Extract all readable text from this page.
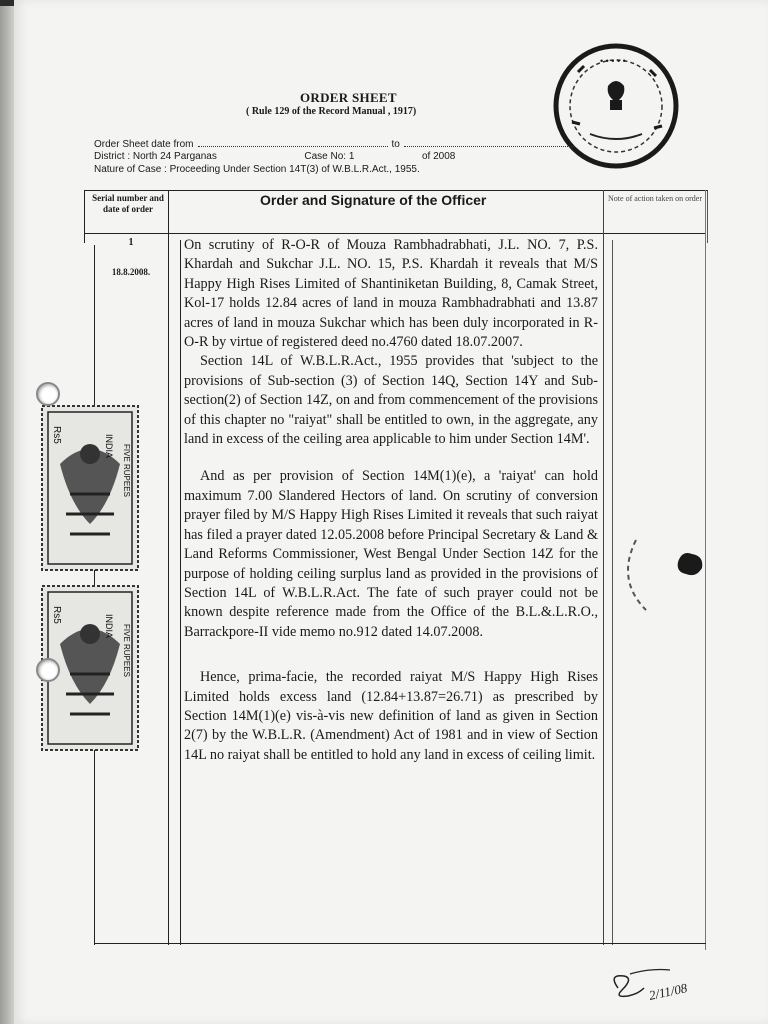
• • • • •
ORDER SHEET
( Rule 129 of the Record Manual , 1917)
Order Sheet date from	to
District : North 24 Parganas	Case No: 1	of 2008
Nature of Case : Proceeding Under Section 14T(3) of W.B.L.R.Act., 1955.
Serial number and date of order
Order and Signature of the Officer	Note of action taken on order
1
18.8.2008.

On scrutiny of R-O-R of Mouza Rambhadrabhati, J.L. NO. 7, P.S. Khardah and Sukchar J.L. NO. 15, P.S. Khardah it reveals that M/S Happy High Rises Limited of Shantiniketan Building, 8, Camak Street, Kol-17 holds 12.84 acres of land in mouza Rambhadrabhati and 13.87 acres of land in mouza Sukchar which has been duly incorporated in R-O-R by virtue of registered deed no.4760 dated 18.07.2007.

Section 14L of W.B.L.R.Act., 1955 provides that 'subject to the provisions of Sub-section (3) of Section 14Q, Section 14Y and Sub-section(2) of Section 14Z, on and from commencement of the provisions of this chapter no "raiyat" shall be entitled to own, in the aggregate, any land in excess of the ceiling area applicable to him under Section 14M'.

And as per provision of Section 14M(1)(e), a 'raiyat' can hold maximum 7.00 Slandered Hectors of land. On scrutiny of conversion prayer filed by M/S Happy High Rises Limited it reveals that such raiyat has filed a prayer dated 12.05.2008 before Principal Secretary & Land & Land Reforms Commissioner, West Bengal Under Section 14Z for the purpose of holding ceiling surplus land as provided in the provisions of Section 14L of W.B.L.R.Act. The fate of such prayer could not be known despite reference made from the Office of the B.L.&.L.R.O., Barrackpore-II vide memo no.912 dated 14.07.2008.

Hence, prima-facie, the recorded raiyat M/S Happy High Rises Limited holds excess land (12.84+13.87=26.71) as prescribed by Section 14M(1)(e) vis-à-vis new definition of land as given in Section 2(7) by the W.B.L.R. (Amendment) Act of 1981 and in view of Section 14L no raiyat shall be entitled to hold any land in excess of ceiling limit.

Rs5	INDIA FIVE RUPEES
Rs5	INDIA FIVE RUPEES
2/11/08
